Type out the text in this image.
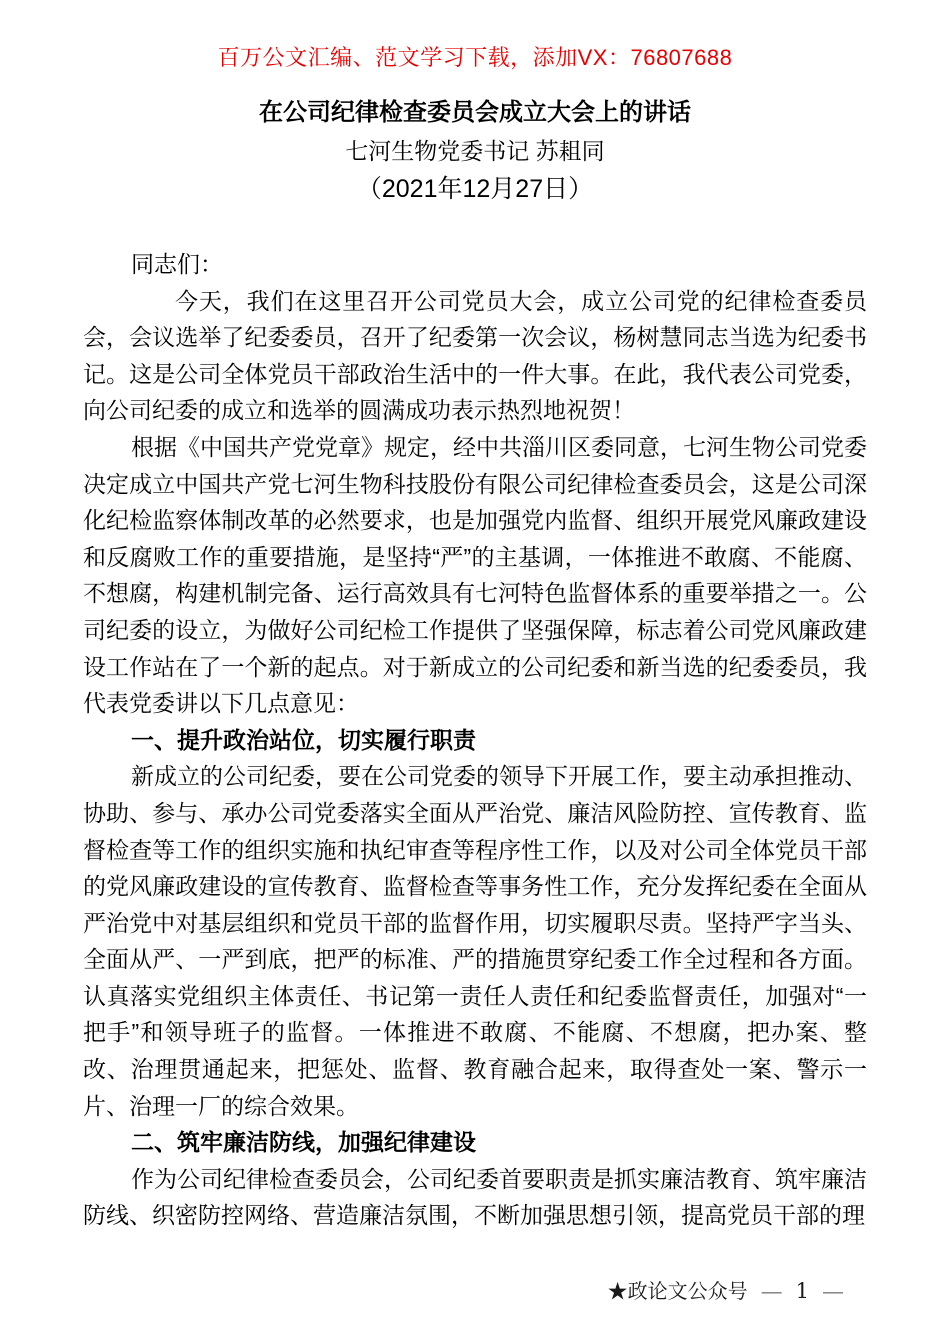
百万公文汇编、范文学习下载，添加VX：76807688
在公司纪律检查委员会成立大会上的讲话
七河生物党委书记 苏耝同
（2021年12月27日）

同志们：

今天，我们在这里召开公司党员大会，成立公司党的纪律检查委员会，会议选举了纪委委员，召开了纪委第一次会议，杨树慧同志当选为纪委书记。这是公司全体党员干部政治生活中的一件大事。在此，我代表公司党委，向公司纪委的成立和选举的圆满成功表示热烈地祝贺！

根据《中国共产党党章》规定，经中共淄川区委同意，七河生物公司党委决定成立中国共产党七河生物科技股份有限公司纪律检查委员会，这是公司深化纪检监察体制改革的必然要求，也是加强党内监督、组织开展党风廉政建设和反腐败工作的重要措施，是坚持“严”的主基调，一体推进不敢腐、不能腐、不想腐，构建机制完备、运行高效具有七河特色监督体系的重要举措之一。公司纪委的设立，为做好公司纪检工作提供了坚强保障，标志着公司党风廉政建设工作站在了一个新的起点。对于新成立的公司纪委和新当选的纪委委员，我代表党委讲以下几点意见：

一、提升政治站位，切实履行职责

新成立的公司纪委，要在公司党委的领导下开展工作，要主动承担推动、协助、参与、承办公司党委落实全面从严治党、廉洁风险防控、宣传教育、监督检查等工作的组织实施和执纪审查等程序性工作，以及对公司全体党员干部的党风廉政建设的宣传教育、监督检查等事务性工作，充分发挥纪委在全面从严治党中对基层组织和党员干部的监督作用，切实履职尽责。坚持严字当头、全面从严、一严到底，把严的标准、严的措施贯穿纪委工作全过程和各方面。认真落实党组织主体责任、书记第一责任人责任和纪委监督责任，加强对“一把手”和领导班子的监督。一体推进不敢腐、不能腐、不想腐，把办案、整改、治理贯通起来，把惩处、监督、教育融合起来，取得查处一案、警示一片、治理一厂的综合效果。

二、筑牢廉洁防线，加强纪律建设

作为公司纪律检查委员会，公司纪委首要职责是抓实廉洁教育、筑牢廉洁防线、织密防控网络、营造廉洁氛围，不断加强思想引领，提高党员干部的理

★政论文公众号 — 1 —
